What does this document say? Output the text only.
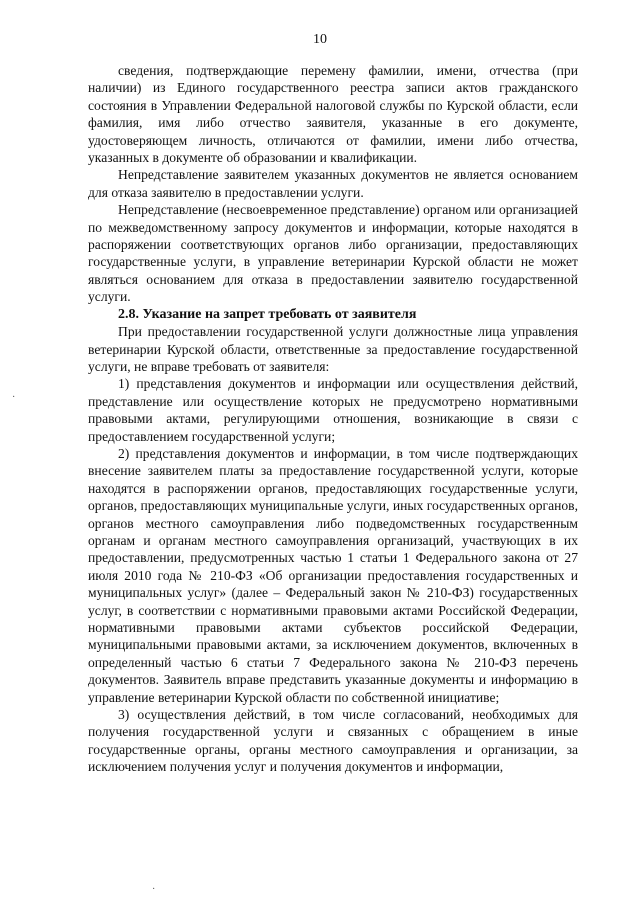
10

сведения, подтверждающие перемену фамилии, имени, отчества (при наличии) из Единого государственного реестра записи актов гражданского состояния в Управлении Федеральной налоговой службы по Курской области, если фамилия, имя либо отчество заявителя, указанные в его документе, удостоверяющем личность, отличаются от фамилии, имени либо отчества, указанных в документе об образовании и квалификации.

Непредставление заявителем указанных документов не является основанием для отказа заявителю в предоставлении услуги.

Непредставление (несвоевременное представление) органом или организацией по межведомственному запросу документов и информации, которые находятся в распоряжении соответствующих органов либо организации, предоставляющих государственные услуги, в управление ветеринарии Курской области не может являться основанием для отказа в предоставлении заявителю государственной услуги.

2.8. Указание на запрет требовать от заявителя

При предоставлении государственной услуги должностные лица управления ветеринарии Курской области, ответственные за предоставление государственной услуги, не вправе требовать от заявителя:

1) представления документов и информации или осуществления действий, представление или осуществление которых не предусмотрено нормативными правовыми актами, регулирующими отношения, возникающие в связи с предоставлением государственной услуги;

2) представления документов и информации, в том числе подтверждающих внесение заявителем платы за предоставление государственной услуги, которые находятся в распоряжении органов, предоставляющих государственные услуги, органов, предоставляющих муниципальные услуги, иных государственных органов, органов местного самоуправления либо подведомственных государственным органам и органам местного самоуправления организаций, участвующих в их предоставлении, предусмотренных частью 1 статьи 1 Федерального закона от 27 июля 2010 года № 210-ФЗ «Об организации предоставления государственных и муниципальных услуг» (далее – Федеральный закон № 210-ФЗ) государственных услуг, в соответствии с нормативными правовыми актами Российской Федерации, нормативными правовыми актами субъектов российской Федерации, муниципальными правовыми актами, за исключением документов, включенных в определенный частью 6 статьи 7 Федерального закона № 210-ФЗ перечень документов. Заявитель вправе представить указанные документы и информацию в управление ветеринарии Курской области по собственной инициативе;

3) осуществления действий, в том числе согласований, необходимых для получения государственной услуги и связанных с обращением в иные государственные органы, органы местного самоуправления и организации, за исключением получения услуг и получения документов и информации,

·
·
